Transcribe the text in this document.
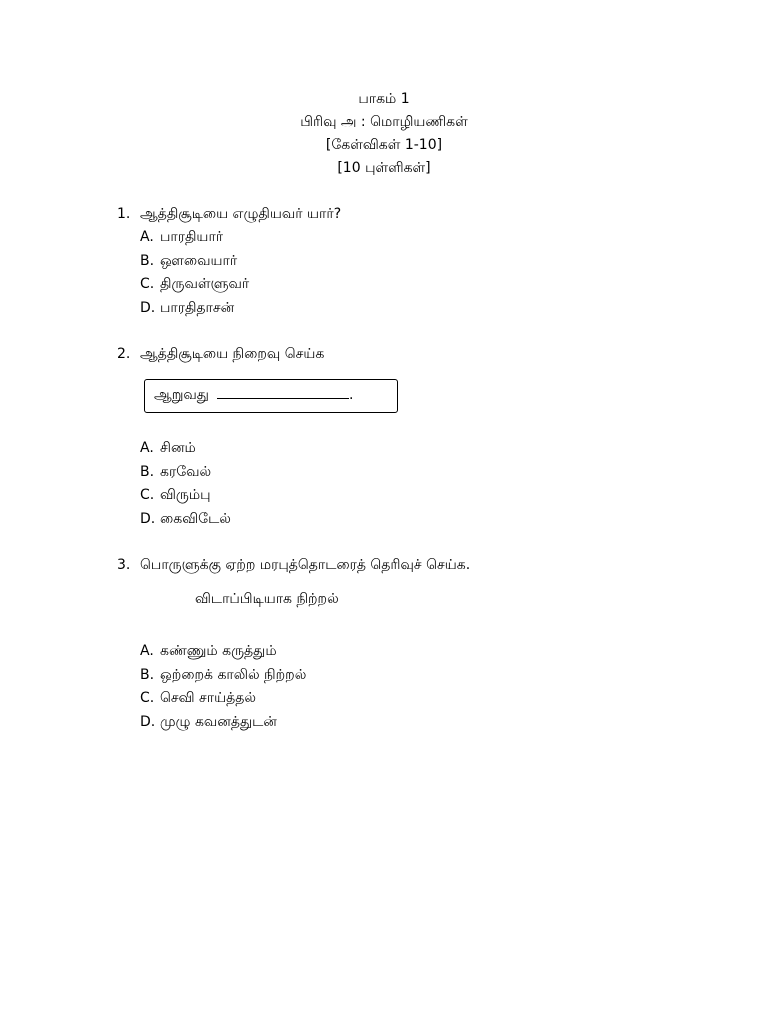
பாகம் 1
பிரிவு அ : மொழியணிகள்
[கேள்விகள் 1-10]
[10 புள்ளிகள்]
1. ஆத்திசூடியை எழுதியவர் யார்?
A. பாரதியார்
B. ஔவையார்
C. திருவள்ளுவர்
D. பாரதிதாசன்
2. ஆத்திசூடியை நிறைவு செய்க
ஆறுவது	.
A. சினம்
B. கரவேல்
C. விரும்பு
D. கைவிடேல்
3. பொருளுக்கு ஏற்ற மரபுத்தொடரைத் தெரிவுச் செய்க.
விடாப்பிடியாக நிற்றல்
A. கண்ணும் கருத்தும்
B. ஒற்றைக் காலில் நிற்றல்
C. செவி சாய்த்தல்
D. முழு கவனத்துடன்
